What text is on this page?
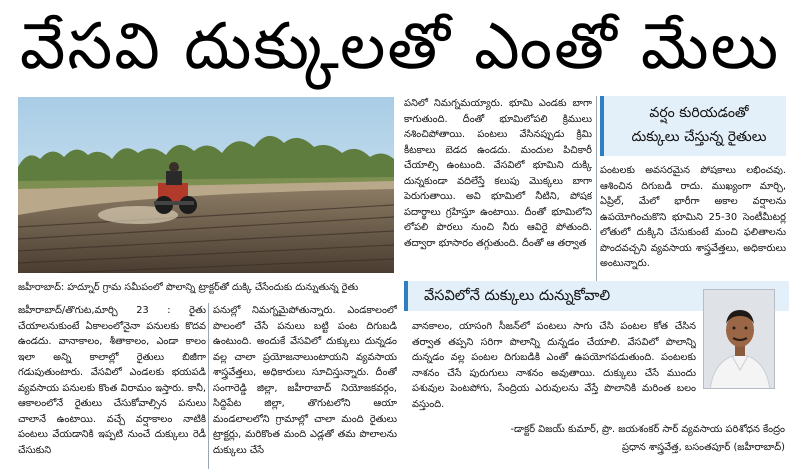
వేసవి దుక్కులతో ఎంతో మేలు
జహీరాబాద్: హద్నూర్ గ్రామ సమీపంలో పొలాన్ని ట్రాక్టర్‌తో దుక్కి చేసేందుకు దున్నుతున్న రైతు

జహీరాబాద్/తొగుట,మార్చి 23 : రైతు చేయాలనుకుంటే ఏకాలంలోనైనా పనులకు కొదవ ఉండదు. వానాకాలం, శీతాకాలం, ఎండా కాలం ఇలా అన్ని కాలాల్లో రైతులు బిజీగా గడుపుతుంటారు. వేసవిలో ఎండలకు భయపడి వ్యవసాయ పనులకు కొంత విరామం ఇస్తారు. కానీ, ఆకాలంలోనే రైతులు చేసుకోవాల్సిన పనులు చాలానే ఉంటాయి. వచ్చే వర్షాకాలం నాటికి పంటలు వేయడానికి ఇప్పటి నుంచే దుక్కులు రెడీ చేసుకుని

పనుల్లో నిమగ్నమైపోతున్నారు. ఎండకాలంలో పొలంలో చేసే పనులు బట్టి పంట దిగుబడి ఉంటుంది. అందుకే వేసవిలో దుక్కులు దున్నడం వల్ల చాలా ప్రయోజనాలుంటాయని వ్యవసాయ శాస్త్రవేత్తలు, అధికారులు సూచిస్తున్నారు. దీంతో సంగారెడ్డి జిల్లా, జహీరాబాద్ నియోజకవర్గం, సిద్దిపేట జిల్లా, తొగుటలోని ఆయా మండలాలలోని గ్రామాల్లో చాలా మంది రైతులు ట్రాక్టర్లు, మరికొంత మంది ఎడ్లతో తమ పొలాలను దుక్కులు చేసే

పనిలో నిమగ్నమయ్యారు. భూమి ఎండకు బాగా కాగుతుంది. దీంతో భూమిలోపలి క్రిములు నశించిపోతాయి. పంటలు వేసినప్పుడు క్రిమి కీటకాలు బెడద ఉండదు. మందుల పిచికారీ చేయాల్సి ఉంటుంది. వేసవిలో భూమిని దుక్కి దున్నకుండా వదిలేస్తే కలుపు మొక్కలు బాగా పెరుగుతాయి. అవి భూమిలో నీటిని, పోషక పదార్థాలు గ్రహిస్తూ ఉంటాయి. దీంతో భూమిలోని లోపలి పొరలు నుంచి నీరు ఆవిరై పోతుంది. తద్వారా భూసారం తగ్గుతుంది. దీంతో ఆ తర్వాత

వర్షం కురియడంతో
దుక్కులు చేస్తున్న రైతులు

పంటలకు అవసరమైన పోషకాలు లభించవు. ఆశించిన దిగుబడి రాదు. ముఖ్యంగా మార్చి, ఏప్రిల్, మేలో భారీగా అకాల వర్షాలను ఉపయోగించుకొని భూమిని 25-30 సెంటీమీటర్ల లోతులో దుక్కిని చేసుకుంటే మంచి ఫలితాలను పొందవచ్చని వ్యవసాయ శాస్త్రవేత్తలు, అధికారులు అంటున్నారు.

వేసవిలోనే దుక్కులు దున్నుకోవాలి

వానకాలం, యాసంగి సీజన్‌లో పంటలు సాగు చేసి పంటల కోత చేసిన తర్వాత తప్పని సరిగా పొలాన్ని దున్నడం చేయాలి. వేసవిలో పొలాన్ని దున్నడం వల్ల పంటల దిగుబడికి ఎంతో ఉపయోగపడుతుంది. పంటలకు నాశనం చేసే పురుగులు నాశనం అవుతాయి. దుక్కులు చేసే ముందు పశువుల పెంటపోగు, సేంద్రియ ఎరువులను వేస్తే పొలానికి మరింత బలం వస్తుంది.

-డాక్టర్ విజయ్ కుమార్, ప్రొ. జయశంకర్ సార్ వ్యవసాయ పరిశోధన కేంద్రం
ప్రధాన శాస్త్రవేత్త, బసంతపూర్ (జహీరాబాద్)
